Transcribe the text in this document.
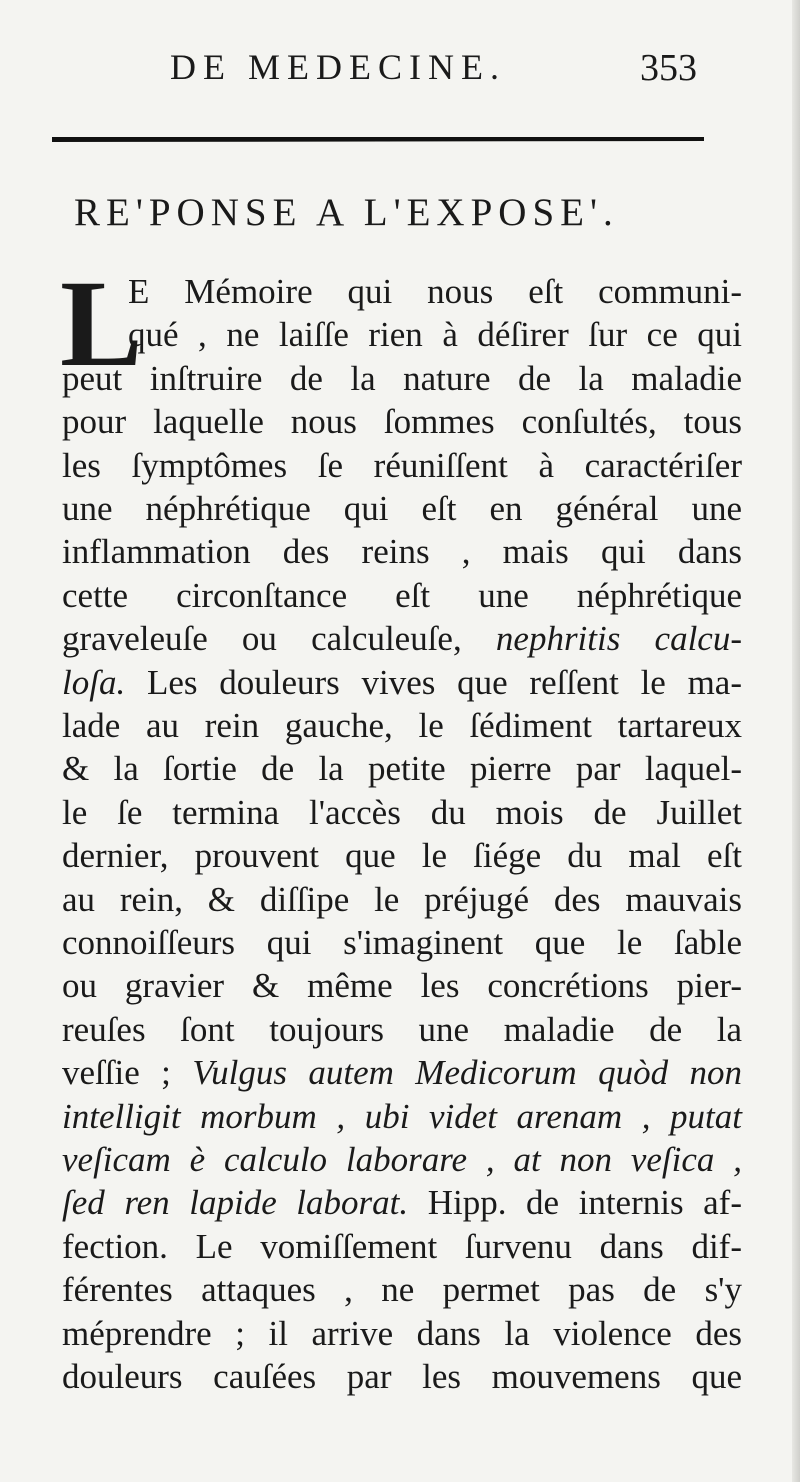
DE MEDECINE.	353
RE'PONSE A L'EXPOSE'.
L
E Mémoire qui nous eſt communi-
qué , ne laiſſe rien à déſirer ſur ce qui
peut inſtruire de la nature de la maladie
pour laquelle nous ſommes conſultés, tous
les ſymptômes ſe réuniſſent à caractériſer
une néphrétique qui eſt en général une
inflammation des reins , mais qui dans
cette circonſtance eſt une néphrétique
graveleuſe ou calculeuſe, nephritis calcu-
loſa. Les douleurs vives que reſſent le ma-
lade au rein gauche, le ſédiment tartareux
& la ſortie de la petite pierre par laquel-
le ſe termina l'accès du mois de Juillet
dernier, prouvent que le ſiége du mal eſt
au rein, & diſſipe le préjugé des mauvais
connoiſſeurs qui s'imaginent que le ſable
ou gravier & même les concrétions pier-
reuſes ſont toujours une maladie de la
veſſie ; Vulgus autem Medicorum quòd non
intelligit morbum , ubi videt arenam , putat
veſicam è calculo laborare , at non veſica ,
ſed ren lapide laborat. Hipp. de internis af-
fection. Le vomiſſement ſurvenu dans dif-
férentes attaques , ne permet pas de s'y
méprendre ; il arrive dans la violence des
douleurs cauſées par les mouvemens que
